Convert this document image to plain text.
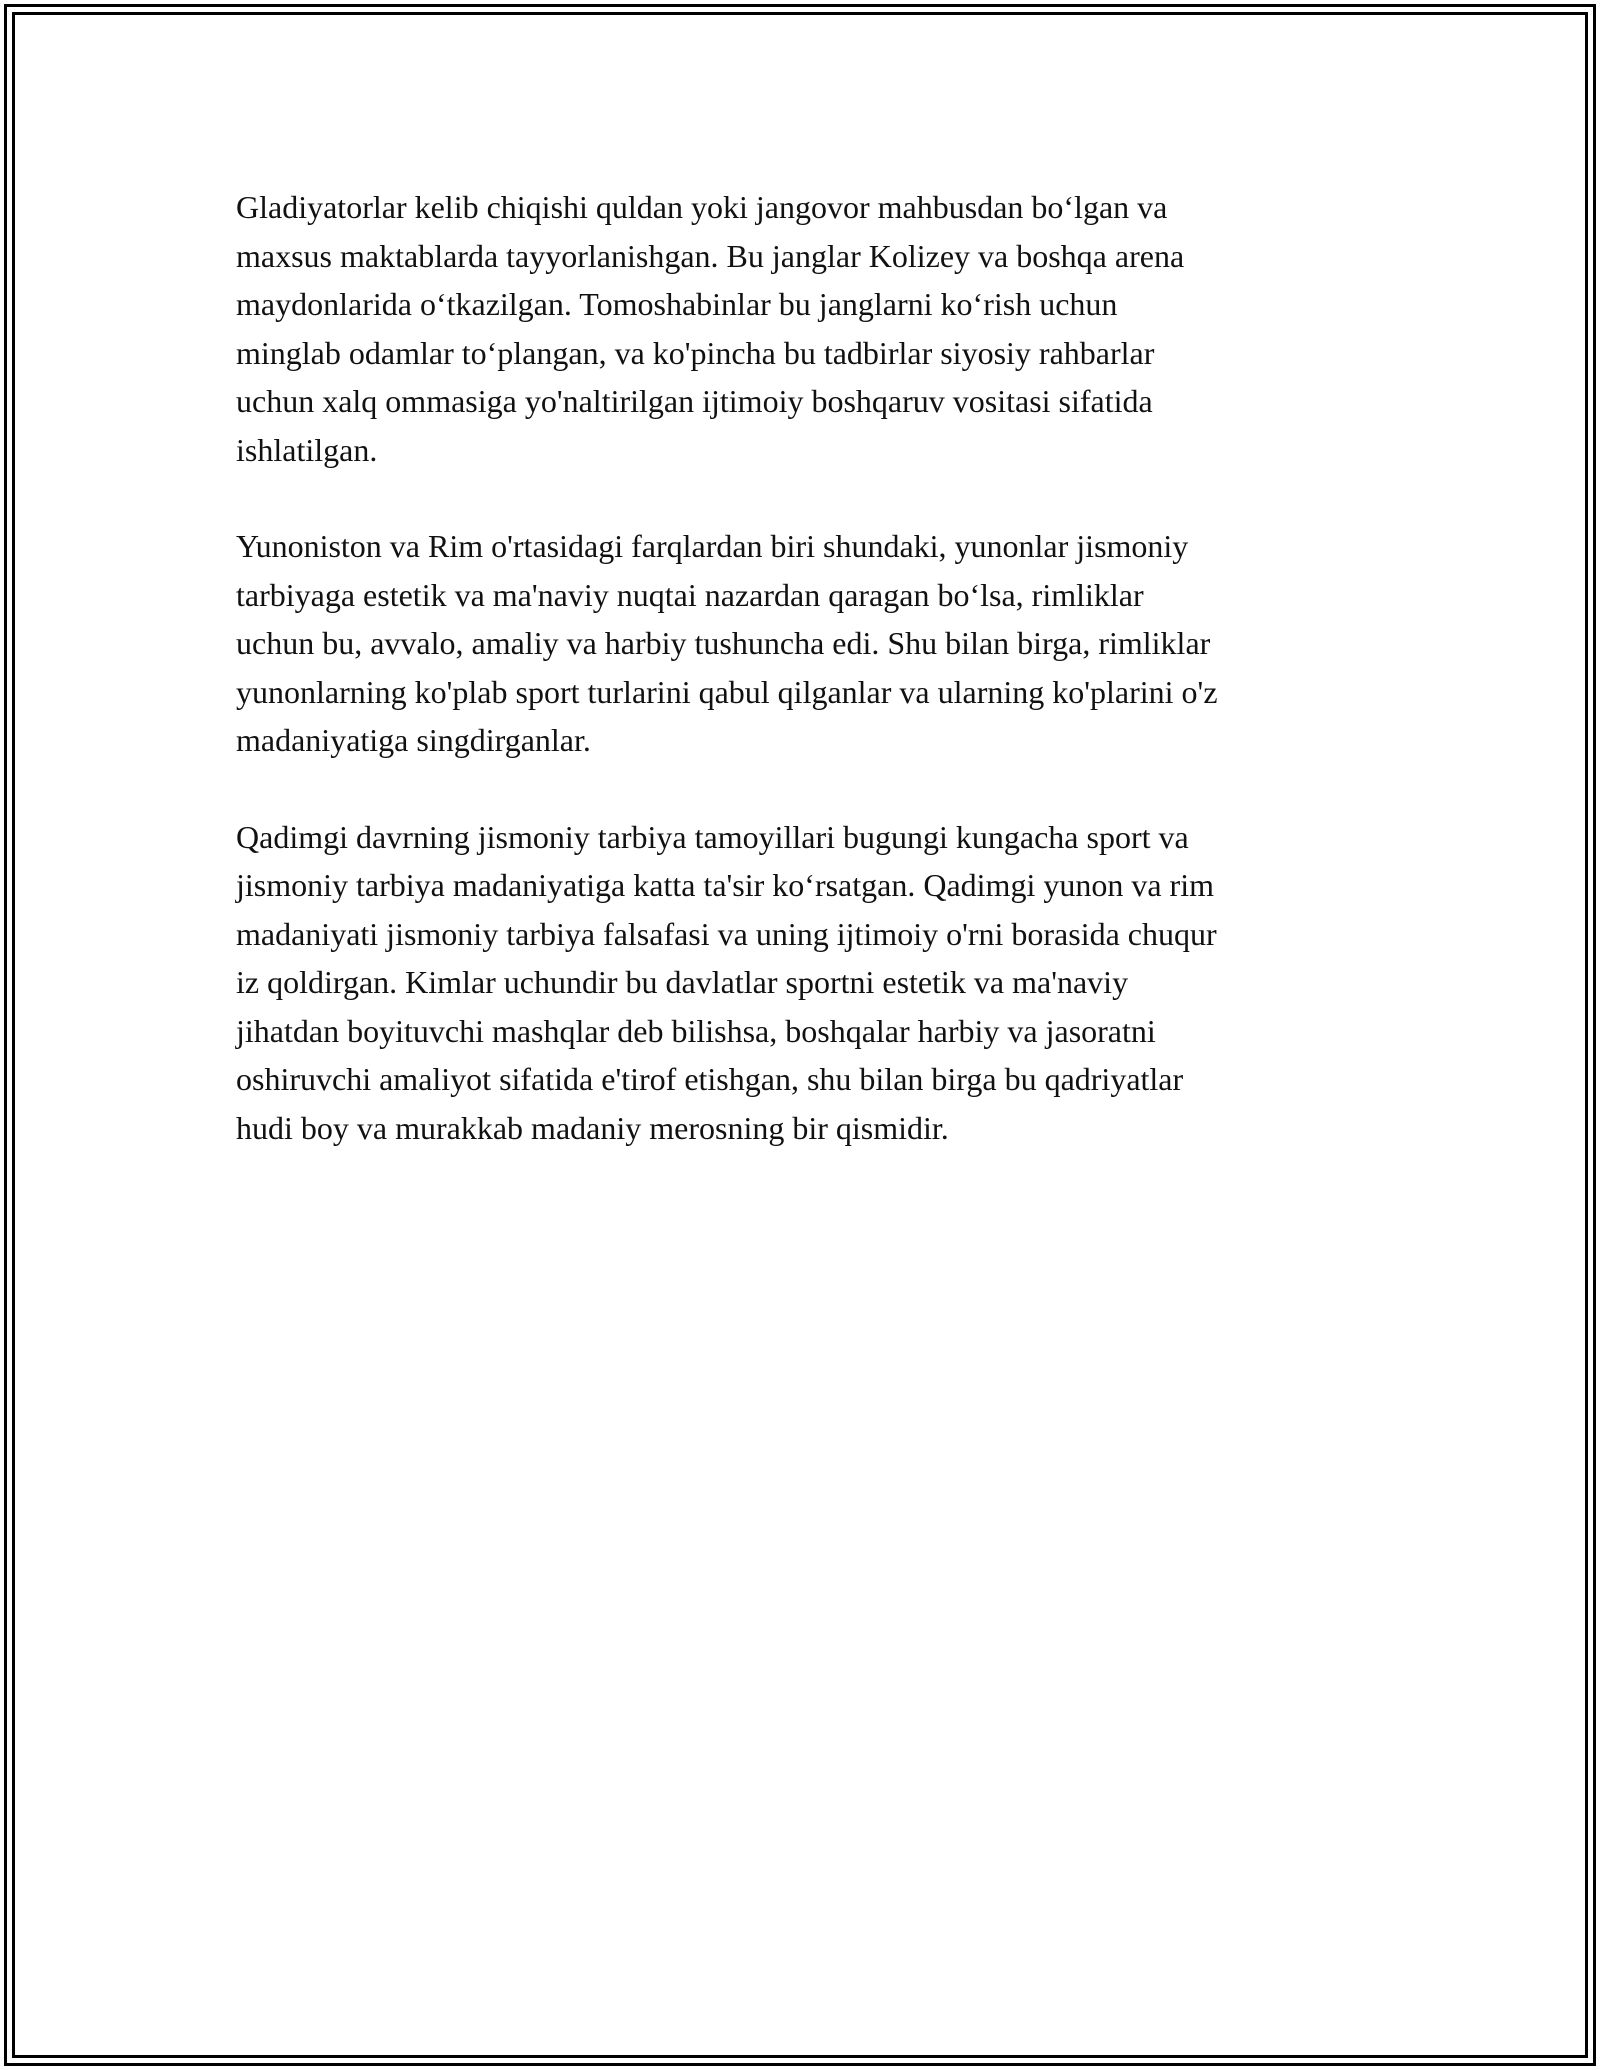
Gladiyatorlar kelib chiqishi quldan yoki jangovor mahbusdan bo‘lgan va
maxsus maktablarda tayyorlanishgan. Bu janglar Kolizey va boshqa arena
maydonlarida o‘tkazilgan. Tomoshabinlar bu janglarni ko‘rish uchun
minglab odamlar to‘plangan, va ko'pincha bu tadbirlar siyosiy rahbarlar
uchun xalq ommasiga yo'naltirilgan ijtimoiy boshqaruv vositasi sifatida
ishlatilgan.

Yunoniston va Rim o'rtasidagi farqlardan biri shundaki, yunonlar jismoniy
tarbiyaga estetik va ma'naviy nuqtai nazardan qaragan bo‘lsa, rimliklar
uchun bu, avvalo, amaliy va harbiy tushuncha edi. Shu bilan birga, rimliklar
yunonlarning ko'plab sport turlarini qabul qilganlar va ularning ko'plarini o'z
madaniyatiga singdirganlar.

Qadimgi davrning jismoniy tarbiya tamoyillari bugungi kungacha sport va
jismoniy tarbiya madaniyatiga katta ta'sir ko‘rsatgan. Qadimgi yunon va rim
madaniyati jismoniy tarbiya falsafasi va uning ijtimoiy o'rni borasida chuqur
iz qoldirgan. Kimlar uchundir bu davlatlar sportni estetik va ma'naviy
jihatdan boyituvchi mashqlar deb bilishsa, boshqalar harbiy va jasoratni
oshiruvchi amaliyot sifatida e'tirof etishgan, shu bilan birga bu qadriyatlar
hudi boy va murakkab madaniy merosning bir qismidir.
